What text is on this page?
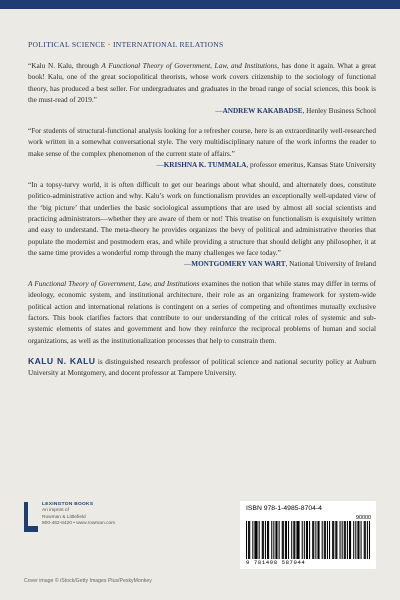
POLITICAL SCIENCE • INTERNATIONAL RELATIONS

“Kalu N. Kalu, through A Functional Theory of Government, Law, and Institutions, has done it again. What a great book! Kalu, one of the great sociopolitical theorists, whose work covers citizenship to the sociology of functional theory, has produced a best seller. For undergraduates and graduates in the broad range of social sciences, this book is the must-read of 2019.”

—ANDREW KAKABADSE, Henley Business School

“For students of structural-functional analysis looking for a refresher course, here is an extraordinarily well-researched work written in a somewhat conversational style. The very multidisciplinary nature of the work informs the reader to make sense of the complex phenomenon of the current state of affairs.”

—KRISHNA K. TUMMALA, professor emeritus, Kansas State University

“In a topsy-turvy world, it is often difficult to get our bearings about what should, and alternately does, constitute politico-administrative action and why. Kalu’s work on functionalism provides an exceptionally well-updated view of the ‘big picture’ that underlies the basic sociological assumptions that are used by almost all social scientists and practicing administrators—whether they are aware of them or not! This treatise on functionalism is exquisitely written and easy to understand. The meta-theory he provides organizes the bevy of political and administrative theories that populate the modernist and postmodern eras, and while providing a structure that should delight any philosopher, it at the same time provides a wonderful romp through the many challenges we face today.”

—MONTGOMERY VAN WART, National University of Ireland

A Functional Theory of Government, Law, and Institutions examines the notion that while states may differ in terms of ideology, economic system, and institutional architecture, their role as an organizing framework for system-wide political action and international relations is contingent on a series of competing and oftentimes mutually exclusive factors. This book clarifies factors that contribute to our understanding of the critical roles of systemic and sub-systemic elements of states and government and how they reinforce the reciprocal problems of human and social organizations, as well as the institutionalization processes that help to constrain them.

KALU N. KALU is distinguished research professor of political science and national security policy at Auburn University at Montgomery, and docent professor at Tampere University.

LEXINGTON BOOKS
An imprint of
Rowman & Littlefield
800-462-6420 • www.rowman.com
ISBN 978-1-4985-8704-4
90000
9 781498 587044
Cover image © iStock/Getty Images Plus/PeskyMonkey
